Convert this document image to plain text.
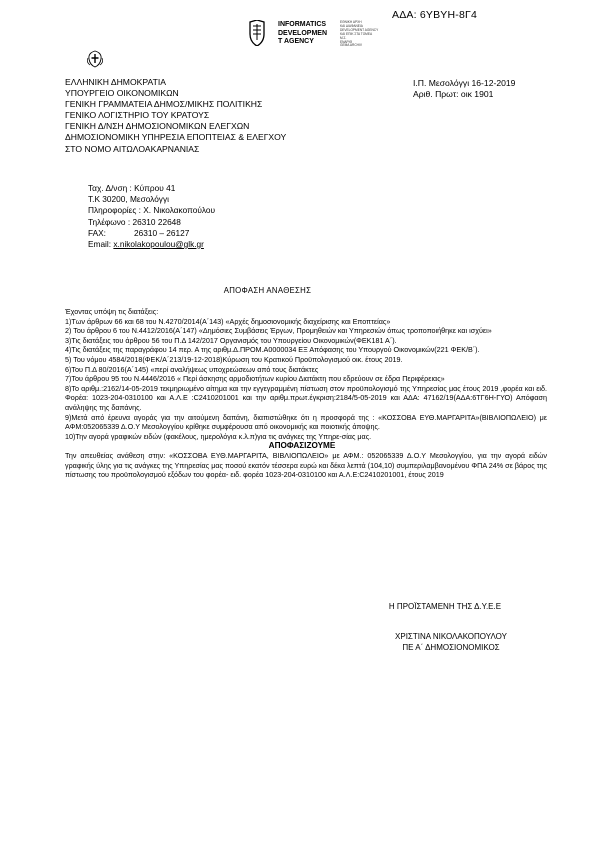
ΑΔΑ: 6ΥΒΥΗ-8Γ4
INFORMATICS
DEVELOPMEN
T AGENCY
ΕΘΝΙΚΗ ΑΡΧΗ
ΚΑΙ ΔΙΑΦΑΝΕΙΑ
DEVELOPMENT AGENCY
ΚΑΙ ΕΠΙΚ ΣΤΑ ΤΟΜΕΑ
Μ.Σ.
ΕΝΑΡΙΘ
GEMA ARCHIV
ΕΛΛΗΝΙΚΗ ΔΗΜΟΚΡΑΤΙΑ
ΥΠΟΥΡΓΕΙΟ ΟΙΚΟΝΟΜΙΚΩΝ
ΓΕΝΙΚΗ ΓΡΑΜΜΑΤΕΙΑ ΔΗΜΟΣ/ΜΙΚΗΣ ΠΟΛΙΤΙΚΗΣ
ΓΕΝΙΚΟ ΛΟΓΙΣΤΗΡΙΟ ΤΟΥ ΚΡΑΤΟΥΣ
ΓΕΝΙΚΗ Δ/ΝΣΗ ΔΗΜΟΣΙΟΝΟΜΙΚΩΝ ΕΛΕΓΧΩΝ
ΔΗΜΟΣΙΟΝΟΜΙΚΗ ΥΠΗΡΕΣΙΑ ΕΠΟΠΤΕΙΑΣ & ΕΛΕΓΧΟΥ
ΣΤΟ ΝΟΜΟ ΑΙΤΩΛΟΑΚΑΡΝΑΝΙΑΣ
Ι.Π. Μεσολόγγι 16-12-2019
Αριθ. Πρωτ: οικ 1901
Ταχ. Δ/νση : Κύπρου 41
Τ.Κ 30200, Μεσολόγγι
Πληροφορίες : Χ. Νικολακοπούλου
Τηλέφωνο : 26310 22648
FAX:	26310 – 26127
Email: x.nikolakopoulou@glk.gr
ΑΠΟΦΑΣΗ ΑΝΑΘΕΣΗΣ

Έχοντας υπόψη τις διατάξεις:

1)Των άρθρων 66 και 68 του Ν.4270/2014(Α΄143) «Αρχές δημοσιονομικής διαχείρισης και Εποπτείας»

2) Του άρθρου 6 του Ν.4412/2016(Α΄147) «Δημόσιες Συμβάσεις Έργων, Προμηθειών και Υπηρεσιών όπως τροποποιήθηκε και ισχύει»

3)Τις διατάξεις του άρθρου 56 του Π.Δ 142/2017 Οργανισμός του Υπουργείου Οικονομικών(ΦΕΚ181 Α΄).

4)Τις διατάξεις της παραγράφου 14 περ. Α της αριθμ.Δ.ΠΡΟΜ.Α0000034 ΕΞ Απόφασης του Υπουργού Οικονομικών(221 ΦΕΚ/Β΄).

5) Του νόμου 4584/2018(ΦΕΚ/Α΄213/19-12-2018)Κύρωση του Κρατικού Προϋπολογισμού οικ. έτους 2019.

6)Του Π.Δ 80/2016(Α΄145) «περί αναλήψεως υποχρεώσεων από τους διατάκτες

7)Του άρθρου 95 του Ν.4446/2016 « Περί άσκησης αρμοδιοτήτων κυρίου Διατάκτη που εδρεύουν σε έδρα Περιφέρειας»

8)Το αριθμ.:2162/14-05-2019 τεκμηριωμένο αίτημα και την εγγεγραμμένη πίστωση στον προϋπολογισμό της Υπηρεσίας μας έτους 2019 ,φορέα και ειδ. Φορέα: 1023-204-0310100 και Α.Λ.Ε :C2410201001 και την αριθμ.πρωτ.έγκριση:2184/5-05-2019 και ΑΔΑ: 47162/19(ΑΔΑ:6ΤΓ6Η-ΓΥΟ) Απόφαση ανάληψης της δαπάνης.

9)Μετά από έρευνα αγοράς για την αιτούμενη δαπάνη, διαπιστώθηκε ότι η προσφορά της : «ΚΟΣΣΟΒΑ ΕΥΘ.ΜΑΡΓΑΡΙΤΑ»(ΒΙΒΛΙΟΠΩΛΕΙΟ) με ΑΦΜ:052065339 Δ.Ο.Υ Μεσολογγίου κρίθηκε συμφέρουσα από οικονομικής και ποιοτικής άποψης.

10)Την αγορά γραφικών ειδών (φακέλους, ημερολόγια κ.λ.π)για τις ανάγκες της Υπηρε-σίας μας.

ΑΠΟΦΑΣΙΖΟΥΜΕ

Την απευθείας ανάθεση στην: «ΚΟΣΣΟΒΑ ΕΥΘ.ΜΑΡΓΑΡΙΤΑ, ΒΙΒΛΙΟΠΩΛΕΙΟ» με ΑΦΜ.: 052065339 Δ.Ο.Υ Μεσολογγίου, για την αγορά ειδών γραφικής ύλης για τις ανάγκες της Υπηρεσίας μας ποσού εκατόν τέσσερα ευρώ και δέκα λεπτά (104,10) συμπεριλαμβανομένου ΦΠΑ 24% σε βάρος της πίστωσης του προϋπολογισμού εξόδων του φορέα- ειδ. φορέα 1023-204-0310100 και Α.Λ.Ε:C2410201001, έτους 2019

Η ΠΡΟΪΣΤΑΜΕΝΗ ΤΗΣ Δ.Υ.Ε.Ε
ΧΡΙΣΤΙΝΑ ΝΙΚΟΛΑΚΟΠΟΥΛΟΥ
ΠΕ Α΄ ΔΗΜΟΣΙΟΝΟΜΙΚΟΣ
